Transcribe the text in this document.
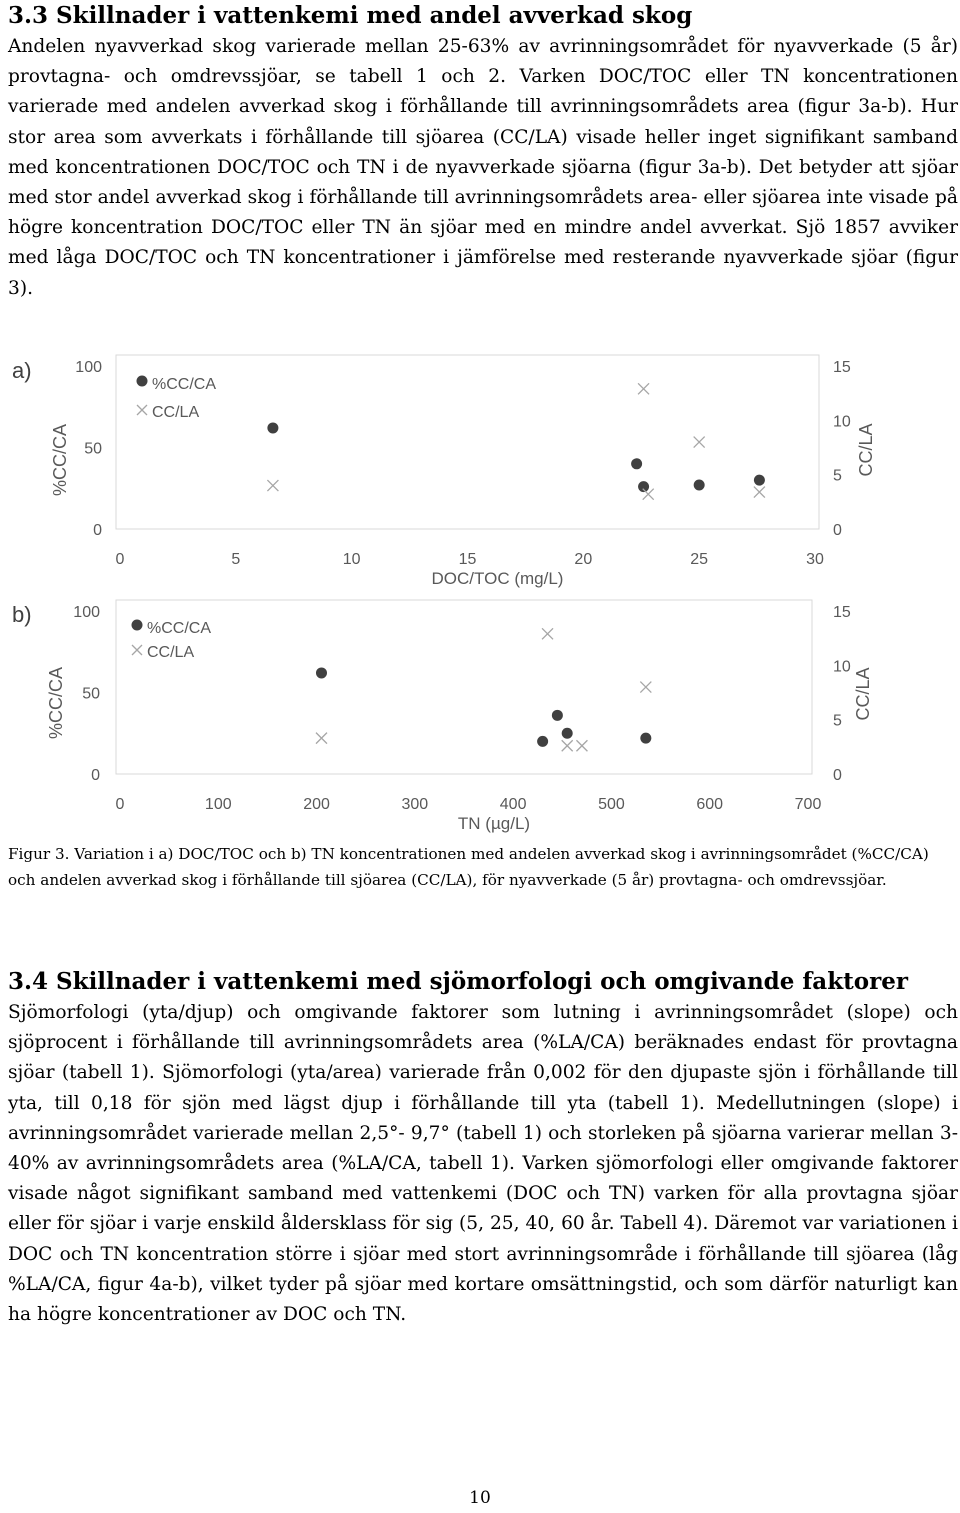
3.3 Skillnader i vattenkemi med andel avverkad skog

Andelen nyavverkad skog varierade mellan 25-63% av avrinningsområdet för nyavverkade (5 år) provtagna- och omdrevssjöar, se tabell 1 och 2. Varken DOC/TOC eller TN koncentrationen varierade med andelen avverkad skog i förhållande till avrinningsområdets area (figur 3a-b). Hur stor area som avverkats i förhållande till sjöarea (CC/LA) visade heller inget signifikant samband med koncentrationen DOC/TOC och TN i de nyavverkade sjöarna (figur 3a-b). Det betyder att sjöar med stor andel avverkad skog i förhållande till avrinningsområdets area- eller sjöarea inte visade på högre koncentration DOC/TOC eller TN än sjöar med en mindre andel avverkat. Sjö 1857 avviker med låga DOC/TOC och TN koncentrationer i jämförelse med resterande nyavverkade sjöar (figur 3).

a)
0	5	10	15	20	25	30
0
50
100
0
5
10
15
DOC/TOC (mg/L)
%CC/CA	CC/LA
%CC/CA
CC/LA
b)
0	100	200	300	400	500	600	700
0
50
100
0
5
10
15
TN (µg/L)
%CC/CA	CC/LA
%CC/CA
CC/LA

Figur 3. Variation i a) DOC/TOC och b) TN koncentrationen med andelen avverkad skog i avrinningsområdet (%CC/CA) och andelen avverkad skog i förhållande till sjöarea (CC/LA), för nyavverkade (5 år) provtagna- och omdrevssjöar.

3.4 Skillnader i vattenkemi med sjömorfologi och omgivande faktorer

Sjömorfologi (yta/djup) och omgivande faktorer som lutning i avrinningsområdet (slope) och sjöprocent i förhållande till avrinningsområdets area (%LA/CA) beräknades endast för provtagna sjöar (tabell 1). Sjömorfologi (yta/area) varierade från 0,002 för den djupaste sjön i förhållande till yta, till 0,18 för sjön med lägst djup i förhållande till yta (tabell 1). Medellutningen (slope) i avrinningsområdet varierade mellan 2,5°- 9,7° (tabell 1) och storleken på sjöarna varierar mellan 3-40% av avrinningsområdets area (%LA/CA, tabell 1). Varken sjömorfologi eller omgivande faktorer visade något signifikant samband med vattenkemi (DOC och TN) varken för alla provtagna sjöar eller för sjöar i varje enskild åldersklass för sig (5, 25, 40, 60 år. Tabell 4). Däremot var variationen i DOC och TN koncentration större i sjöar med stort avrinningsområde i förhållande till sjöarea (låg %LA/CA, figur 4a-b), vilket tyder på sjöar med kortare omsättningstid, och som därför naturligt kan ha högre koncentrationer av DOC och TN.

10
